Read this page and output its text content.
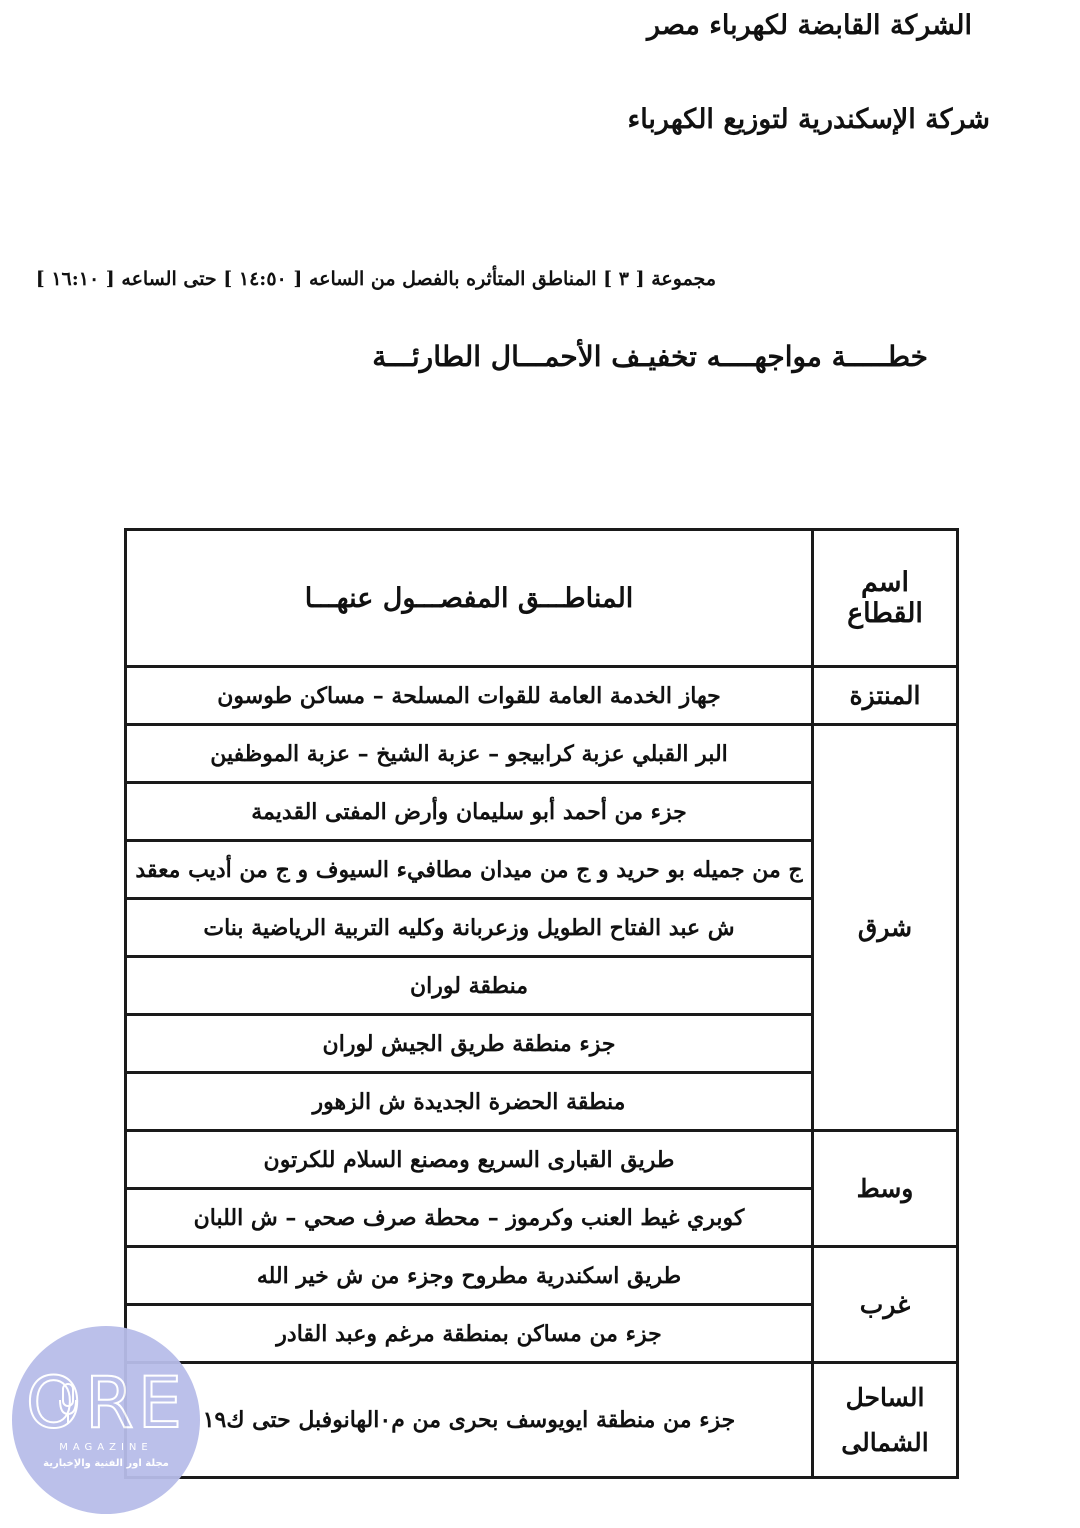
الشركة القابضة لكهرباء مصر
شركة الإسكندرية لتوزيع الكهرباء
مجموعة [ ٣ ] المناطق المتأثره بالفصل من الساعه [ ١٤:٥٠ ] حتى الساعه [ ١٦:١٠ ]
خطـــــة مواجهــــه تخفيـف الأحمـــال الطارئـــة
اسم القطاع	المناطـــق المفصـــول عنهـــا

المنتزة	جهاز الخدمة العامة للقوات المسلحة – مساكن طوسون

شرق	البر القبلي عزبة كرابيجو – عزبة الشيخ – عزبة الموظفين
	جزء من أحمد أبو سليمان وأرض المفتى القديمة
	ج من جميله بو حريد و ج من ميدان مطافيء السيوف و ج من أديب معقد
	ش عبد الفتاح الطويل وزعربانة وكليه التربية الرياضية بنات
	منطقة لوران
	جزء منطقة طريق الجيش لوران
	منطقة الحضرة الجديدة ش الزهور

وسط	طريق القبارى السريع ومصنع السلام للكرتون
	كوبري غيط العنب وكرموز – محطة صرف صحي – ش اللبان

غرب	طريق اسكندرية مطروح وجزء من ش خير الله
	جزء من مساكن بمنطقة مرغم وعبد القادر

الساحل
الشمالى	جزء من منطقة ايويوسف بحرى من م٠الهانوفبل حتى ك١٩
ORE
MAGAZINE
مجلة اور الفنية والإخبارية
